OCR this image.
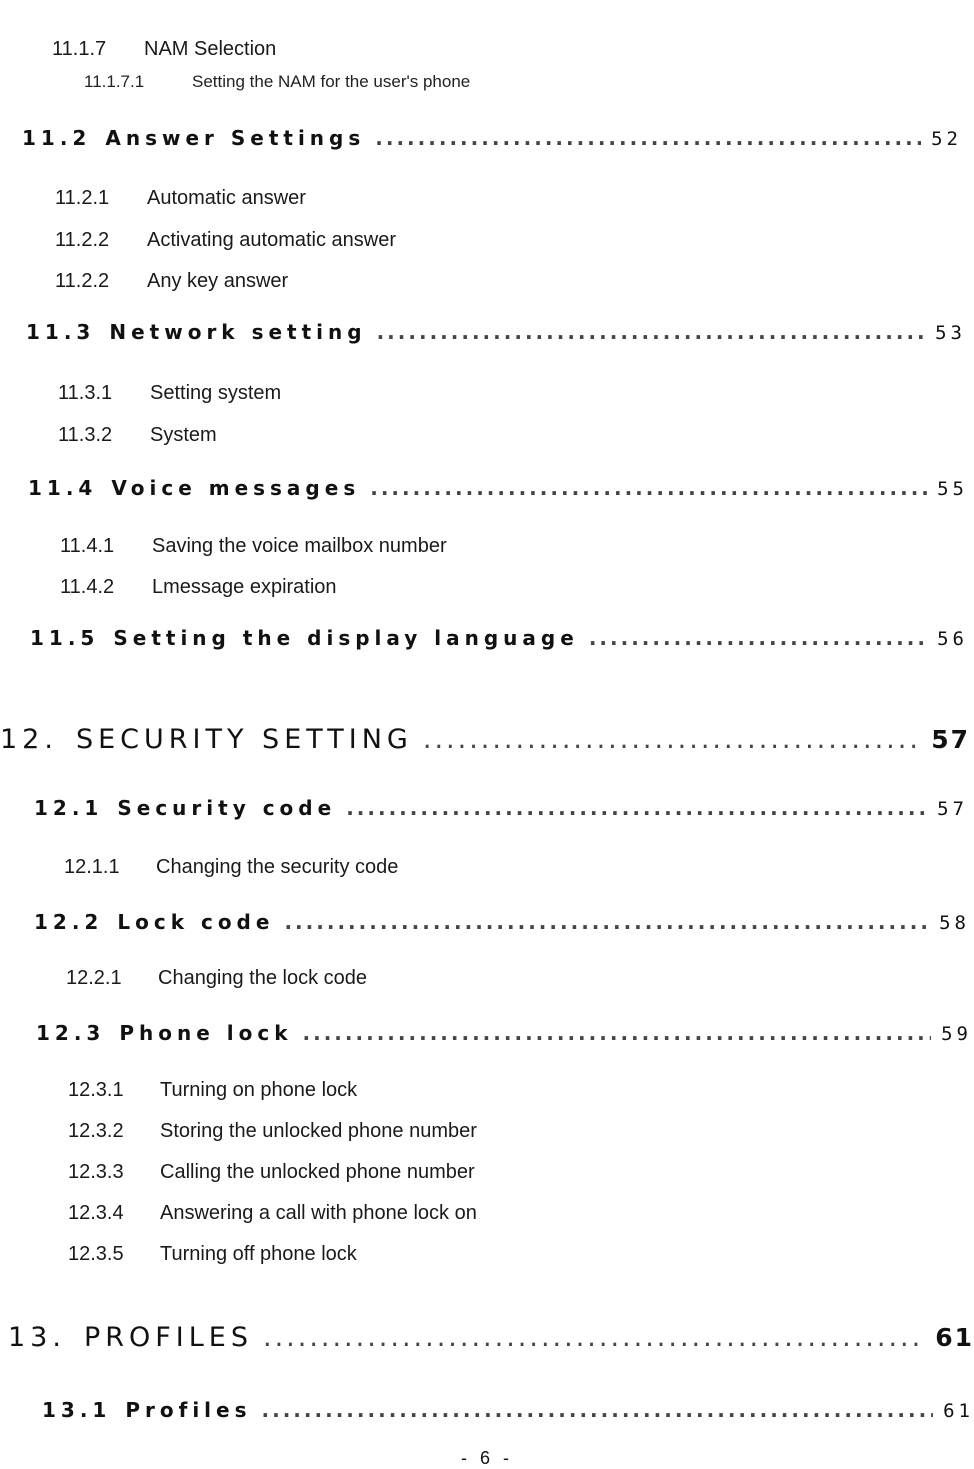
11.1.7	NAM Selection
11.1.7.1	Setting the NAM for the user's phone
11.2 Answer Settings .....	52
11.2.1	Automatic answer
11.2.2	Activating automatic answer
11.2.2	Any key answer
11.3 Network setting .....	53
11.3.1	Setting system
11.3.2	System
11.4 Voice messages .....	55
11.4.1	Saving the voice mailbox number
11.4.2	Lmessage expiration
11.5 Setting the display language .....	56
12. SECURITY SETTING .....	57
12.1 Security code .....	57
12.1.1	Changing the security code
12.2 Lock code .....	58
12.2.1	Changing the lock code
12.3 Phone lock .....	59
12.3.1	Turning on phone lock
12.3.2	Storing the unlocked phone number
12.3.3	Calling the unlocked phone number
12.3.4	Answering a call with phone lock on
12.3.5	Turning off phone lock
13. PROFILES .....	61
13.1 Profiles .....	61
- 6 -
